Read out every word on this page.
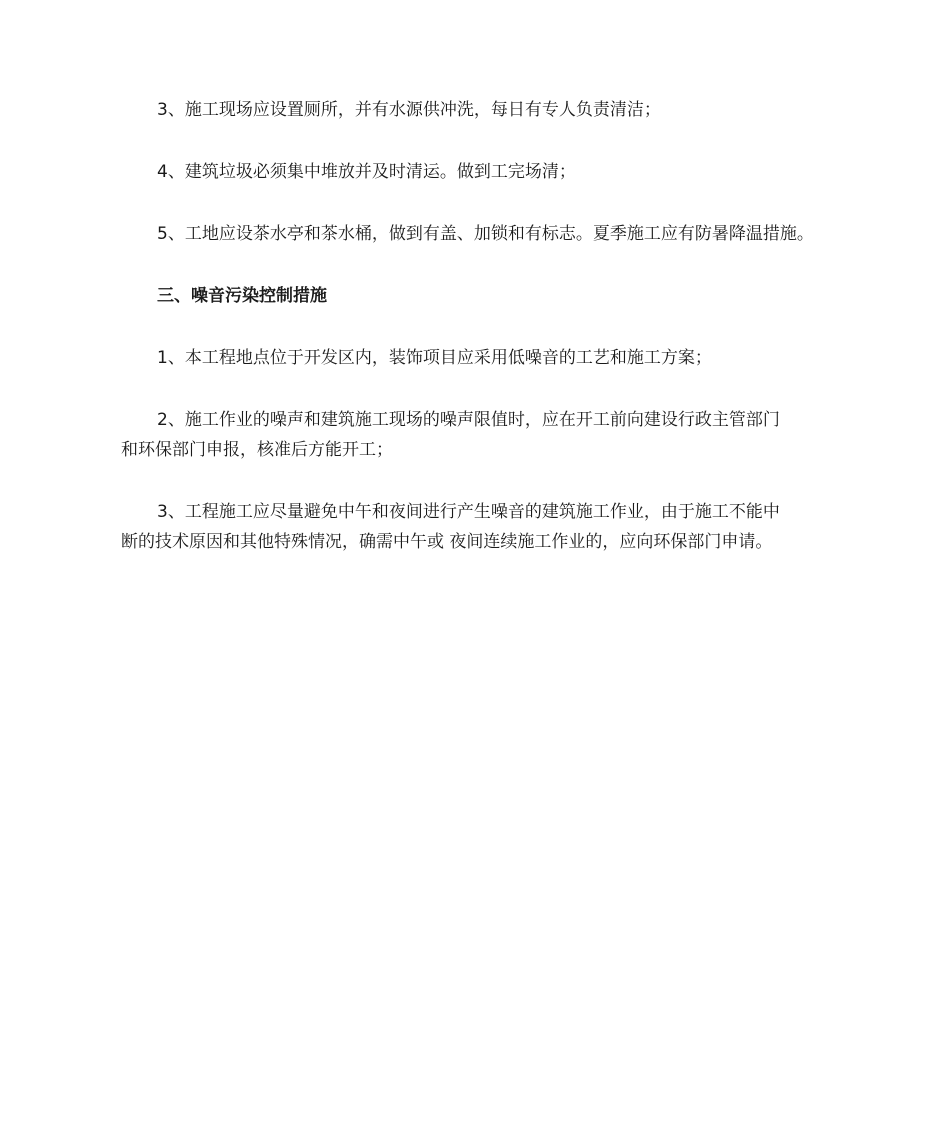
3、施工现场应设置厕所，并有水源供冲洗，每日有专人负责清洁；

4、建筑垃圾必须集中堆放并及时清运。做到工完场清；

5、工地应设茶水亭和茶水桶，做到有盖、加锁和有标志。夏季施工应有防暑降温措施。

三、噪音污染控制措施

1、本工程地点位于开发区内，装饰项目应采用低噪音的工艺和施工方案；

2、施工作业的噪声和建筑施工现场的噪声限值时，应在开工前向建设行政主管部门
和环保部门申报，核准后方能开工；

3、工程施工应尽量避免中午和夜间进行产生噪音的建筑施工作业，由于施工不能中
断的技术原因和其他特殊情况，确需中午或 夜间连续施工作业的，应向环保部门申请。
